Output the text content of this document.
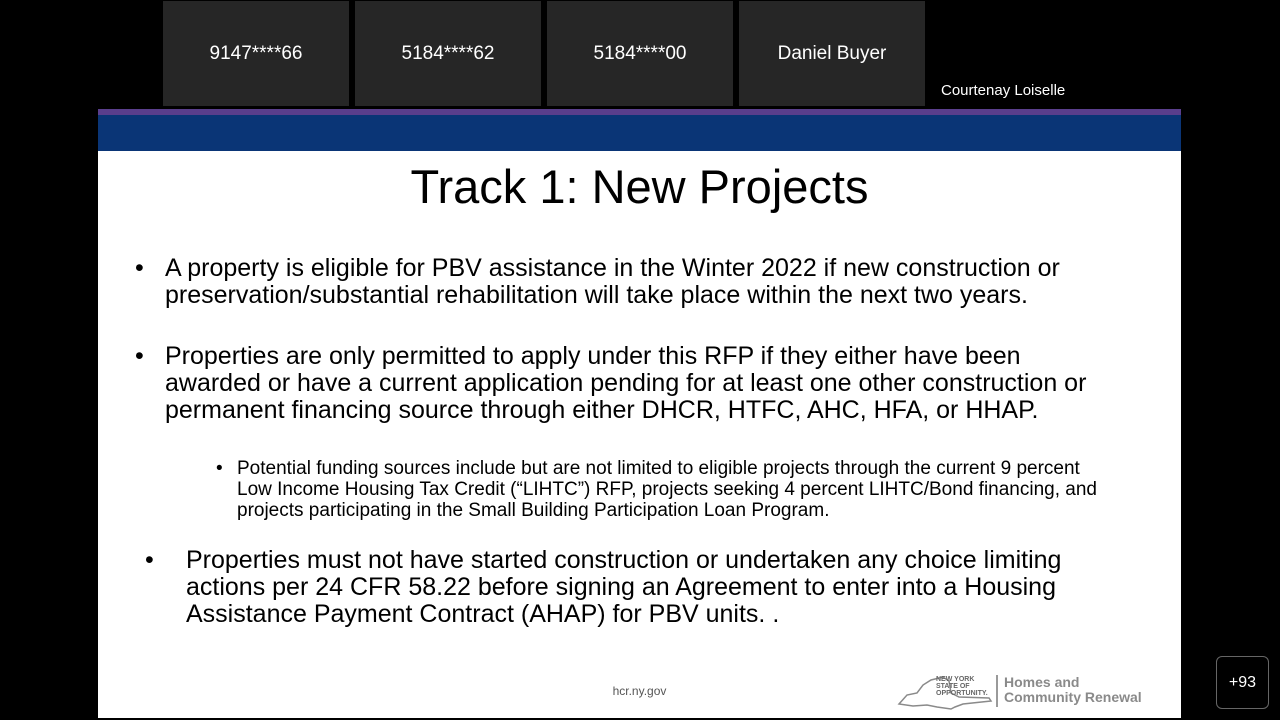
9147****66	5184****62	5184****00	Daniel Buyer
Courtenay Loiselle
Track 1: New Projects
• A property is eligible for PBV assistance in the Winter 2022 if new construction or preservation/substantial rehabilitation will take place within the next two years.
• Properties are only permitted to apply under this RFP if they either have been awarded or have a current application pending for at least one other construction or permanent financing source through either DHCR, HTFC, AHC, HFA, or HHAP.
• Potential funding sources include but are not limited to eligible projects through the current 9 percent Low Income Housing Tax Credit (“LIHTC”) RFP, projects seeking 4 percent LIHTC/Bond financing, and projects participating in the Small Building Participation Loan Program.
• Properties must not have started construction or undertaken any choice limiting actions per 24 CFR 58.22 before signing an Agreement to enter into a Housing Assistance Payment Contract (AHAP) for PBV units. .
hcr.ny.gov
NEW YORK STATE OF OPPORTUNITY.
Homes and
Community Renewal
+93
